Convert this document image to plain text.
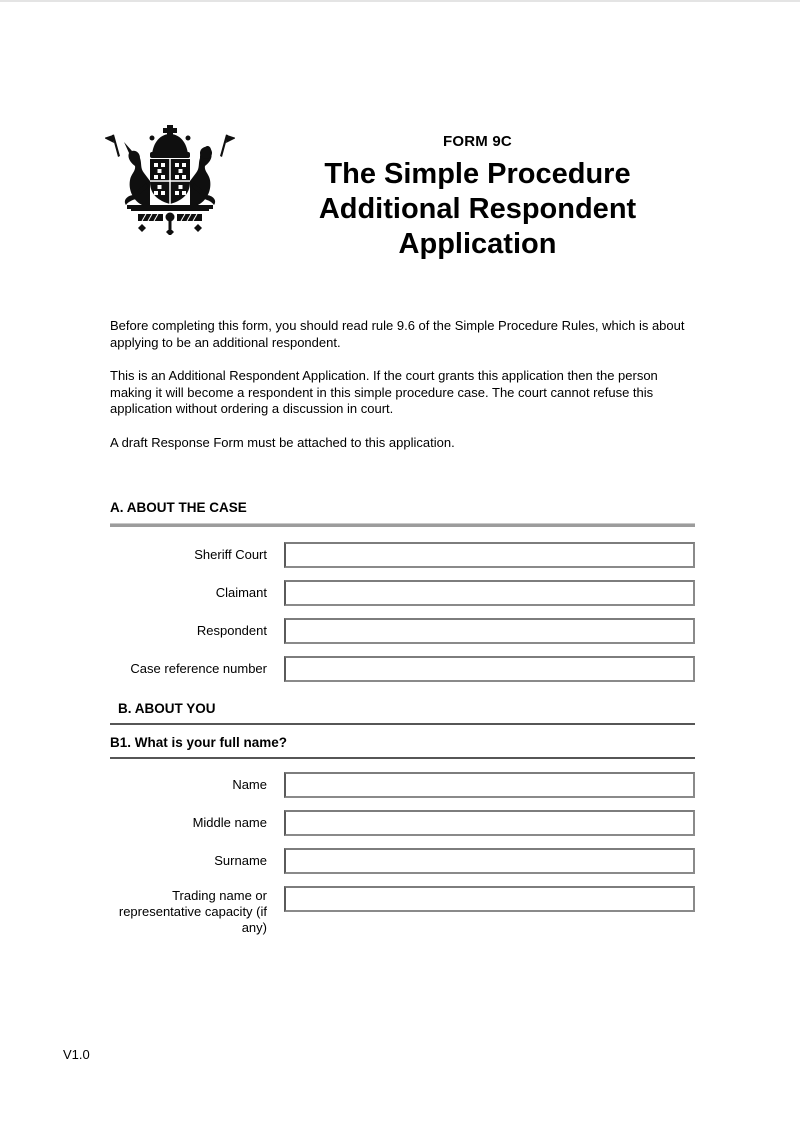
FORM 9C
The Simple Procedure
Additional Respondent
Application

Before completing this form, you should read rule 9.6 of the Simple Procedure Rules, which is about applying to be an additional respondent.

This is an Additional Respondent Application. If the court grants this application then the person making it will become a respondent in this simple procedure case. The court cannot refuse this application without ordering a discussion in court.

A draft Response Form must be attached to this application.

A. ABOUT THE CASE
Sheriff Court
Claimant
Respondent
Case reference number
B. ABOUT YOU
B1. What is your full name?
Name
Middle name
Surname
Trading name or representative capacity (if any)
V1.0
